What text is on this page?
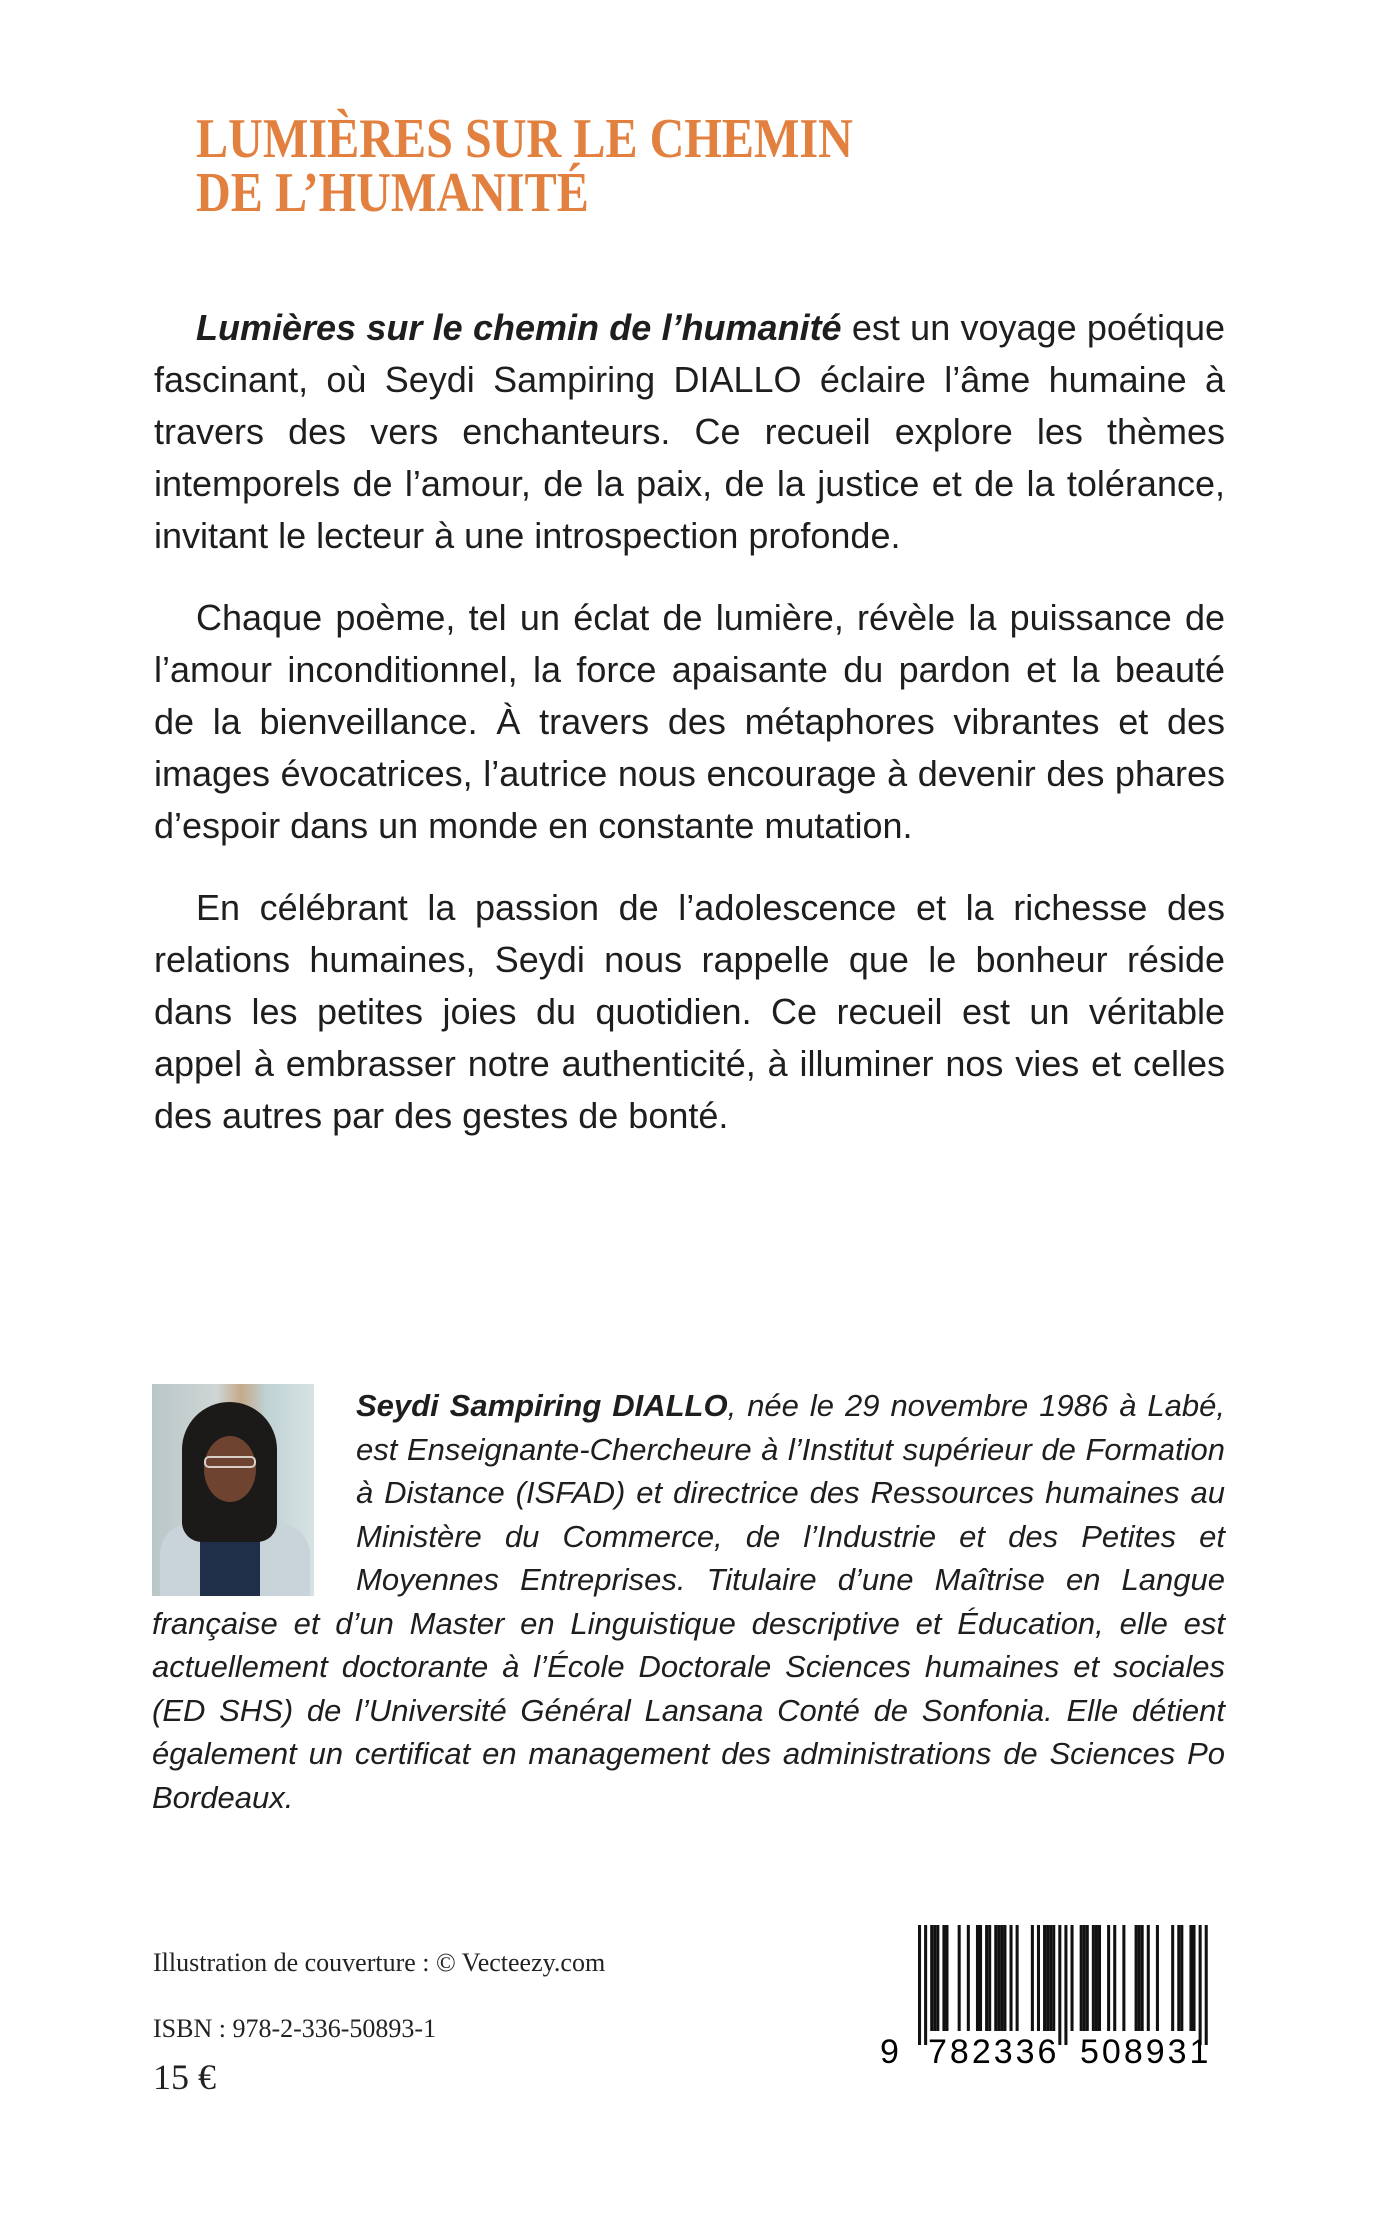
LUMIÈRES SUR LE CHEMIN
DE L’HUMANITÉ

Lumières sur le chemin de l’humanité est un voyage poétique fascinant, où Seydi Sampiring DIALLO éclaire l’âme humaine à travers des vers enchanteurs. Ce recueil explore les thèmes intemporels de l’amour, de la paix, de la justice et de la tolérance, invitant le lecteur à une introspection profonde.

Chaque poème, tel un éclat de lumière, révèle la puissance de l’amour inconditionnel, la force apaisante du pardon et la beauté de la bienveillance. À travers des métaphores vibrantes et des images évocatrices, l’autrice nous encourage à devenir des phares d’espoir dans un monde en constante mutation.

En célébrant la passion de l’adolescence et la richesse des relations humaines, Seydi nous rappelle que le bonheur réside dans les petites joies du quotidien. Ce recueil est un véritable appel à embrasser notre authenticité, à illuminer nos vies et celles des autres par des gestes de bonté.

Seydi Sampiring DIALLO, née le 29 novembre 1986 à Labé, est Enseignante-Chercheure à l’Institut supérieur de Formation à Distance (ISFAD) et directrice des Ressources humaines au Ministère du Commerce, de l’Industrie et des Petites et Moyennes Entreprises. Titulaire d’une Maîtrise en Langue française et d’un Master en Linguistique descriptive et Éducation, elle est actuellement doctorante à l’École Doctorale Sciences humaines et sociales (ED SHS) de l’Université Général Lansana Conté de Sonfonia. Elle détient également un certificat en management des administrations de Sciences Po Bordeaux.
Illustration de couverture : © Vecteezy.com
ISBN : 978-2-336-50893-1
15 €
9 782336 508931
